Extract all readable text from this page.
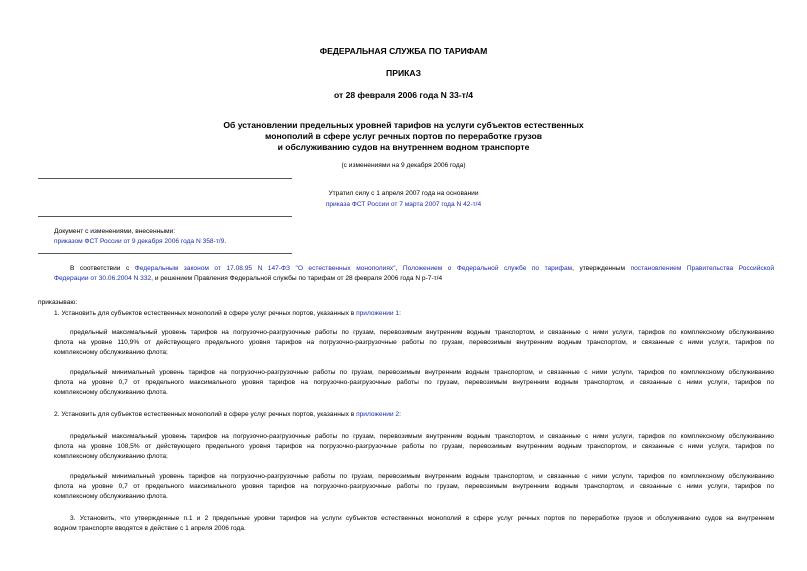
ФЕДЕРАЛЬНАЯ СЛУЖБА ПО ТАРИФАМ
ПРИКАЗ
от 28 февраля 2006 года N 33-т/4
Об установлении предельных уровней тарифов на услуги субъектов естественных
монополий в сфере услуг речных портов по переработке грузов
и обслуживанию судов на внутреннем водном транспорте
(с изменениями на 9 декабря 2006 года)
Утратил силу с 1 апреля 2007 года на основании
приказа ФСТ России от 7 марта 2007 года N 42-т/4
Документ с изменениями, внесенными:
приказом ФСТ России от 9 декабря 2006 года N 358-т/9.
В соответствии с Федеральным законом от 17.08.95 N 147-ФЗ "О естественных монополиях", Положением о Федеральной службе по тарифам, утвержденным постановлением Правительства Российской
Федерации от 30.06.2004 N 332, и решением Правления Федеральной службы по тарифам от 28 февраля 2006 года N р-7-т/4
приказываю:
1. Установить для субъектов естественных монополий в сфере услуг речных портов, указанных в приложении 1:
предельный максимальный уровень тарифов на погрузочно-разгрузочные работы по грузам, перевозимым внутренним водным транспортом, и связанные с ними услуги, тарифов по комплексному обслуживанию
флота на уровне 110,9% от действующего предельного уровня тарифов на погрузочно-разгрузочные работы по грузам, перевозимым внутренним водным транспортом, и связанные с ними услуги, тарифов по
комплексному обслуживанию флота;
предельный минимальный уровень тарифов на погрузочно-разгрузочные работы по грузам, перевозимым внутренним водным транспортом, и связанные с ними услуги, тарифов по комплексному обслуживанию
флота на уровне 0,7 от предельного максимального уровня тарифов на погрузочно-разгрузочные работы по грузам, перевозимым внутренним водным транспортом, и связанные с ними услуги, тарифов по
комплексному обслуживанию флота.
2. Установить для субъектов естественных монополий в сфере услуг речных портов, указанных в приложении 2:
предельный максимальный уровень тарифов на погрузочно-разгрузочные работы по грузам, перевозимым внутренним водным транспортом, и связанные с ними услуги, тарифов по комплексному обслуживанию
флота на уровне 108,5% от действующего предельного уровня тарифов на погрузочно-разгрузочные работы по грузам, перевозимым внутренним водным транспортом, и связанные с ними услуги, тарифов по
комплексному обслуживанию флота;
предельный минимальный уровень тарифов на погрузочно-разгрузочные работы по грузам, перевозимым внутренним водным транспортом, и связанные с ними услуги, тарифов по комплексному обслуживанию
флота на уровне 0,7 от предельного максимального уровня тарифов на погрузочно-разгрузочные работы по грузам, перевозимым внутренним водным транспортом, и связанные с ними услуги, тарифов по
комплексному обслуживанию флота.
3. Установить, что утвержденные п.1 и 2 предельные уровни тарифов на услуги субъектов естественных монополий в сфере услуг речных портов по переработке грузов и обслуживанию судов на внутреннем
водном транспорте вводятся в действие с 1 апреля 2006 года.
